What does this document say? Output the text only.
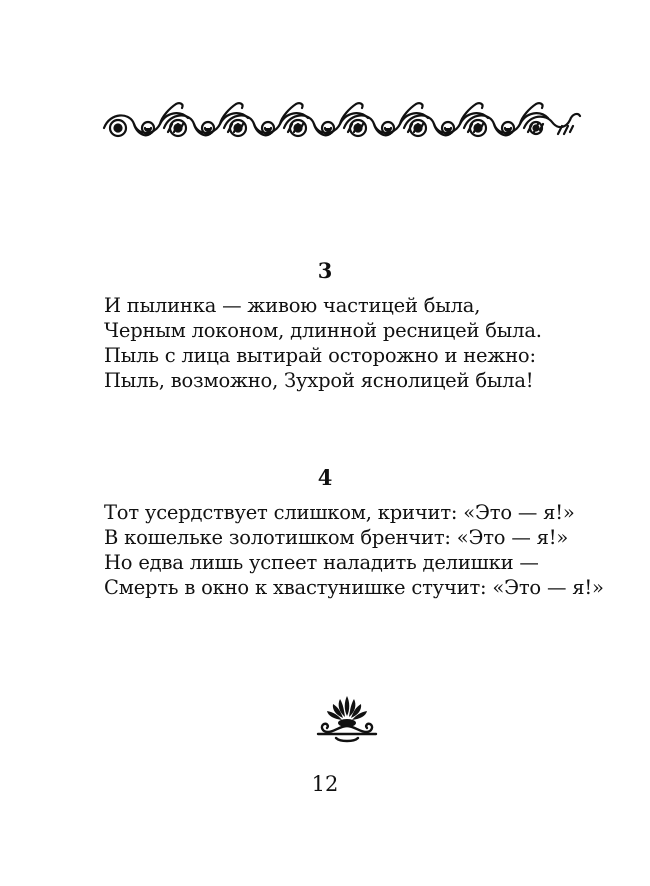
3
И пылинка — живою частицей была,
Черным локоном, длинной ресницей была.
Пыль с лица вытирай осторожно и нежно:
Пыль, возможно, Зухрой яснолицей была!
4
Тот усердствует слишком, кричит: «Это — я!»
В кошельке золотишком бренчит: «Это — я!»
Но едва лишь успеет наладить делишки —
Смерть в окно к хвастунишке стучит: «Это — я!»
12
